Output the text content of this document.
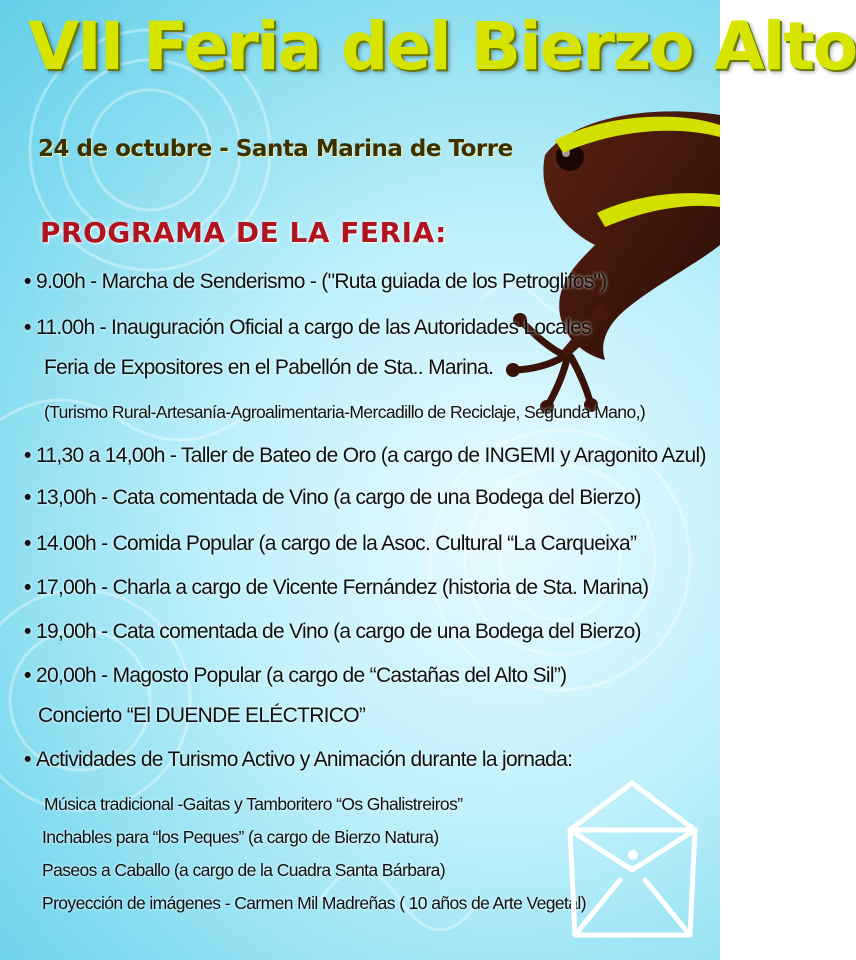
VII Feria del Bierzo Alto
24 de octubre - Santa Marina de Torre
PROGRAMA DE LA FERIA:
• 9.00h - Marcha de Senderismo - ("Ruta guiada de los Petroglifos")
• 11.00h - Inauguración Oficial a cargo de las Autoridades Locales
Feria de Expositores en el Pabellón de Sta.. Marina.
(Turismo Rural-Artesanía-Agroalimentaria-Mercadillo de Reciclaje, Segunda Mano,)
• 11,30 a 14,00h - Taller de Bateo de Oro (a cargo de INGEMI y Aragonito Azul)
• 13,00h - Cata comentada de Vino (a cargo de una Bodega del Bierzo)
• 14.00h - Comida Popular (a cargo de la Asoc. Cultural “La Carqueixa”
• 17,00h - Charla a cargo de Vicente Fernández (historia de Sta. Marina)
• 19,00h - Cata comentada de Vino (a cargo de una Bodega del Bierzo)
• 20,00h - Magosto Popular (a cargo de “Castañas del Alto Sil”)
Concierto “El DUENDE ELÉCTRICO”
• Actividades de Turismo Activo y Animación durante la jornada:
Música tradicional -Gaitas y Tamboritero “Os Ghalistreiros”
Inchables para “los Peques” (a cargo de Bierzo Natura)
Paseos a Caballo (a cargo de la Cuadra Santa Bárbara)
Proyección de imágenes - Carmen Mil Madreñas ( 10 años de Arte Vegetal)
